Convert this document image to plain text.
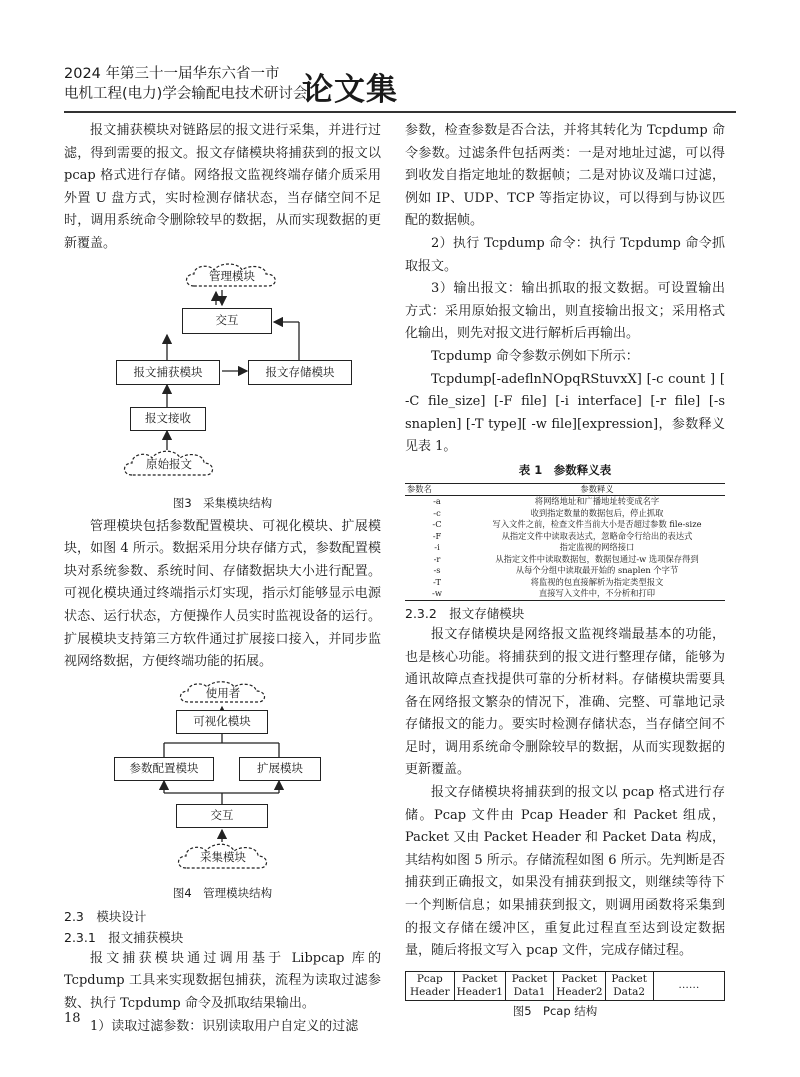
2024 年第三十一届华东六省一市
电机工程(电力)学会输配电技术研讨会
论文集

报文捕获模块对链路层的报文进行采集，并进行过滤，得到需要的报文。报文存储模块将捕获到的报文以 pcap 格式进行存储。网络报文监视终端存储介质采用外置 U 盘方式，实时检测存储状态，当存储空间不足时，调用系统命令删除较早的数据，从而实现数据的更新覆盖。

管理模块
交互
报文捕获模块	报文存储模块
报文接收
原始报文
图3　采集模块结构

管理模块包括参数配置模块、可视化模块、扩展模块，如图 4 所示。数据采用分块存储方式，参数配置模块对系统参数、系统时间、存储数据块大小进行配置。可视化模块通过终端指示灯实现，指示灯能够显示电源状态、运行状态，方便操作人员实时监视设备的运行。扩展模块支持第三方软件通过扩展接口接入，并同步监视网络数据，方便终端功能的拓展。

使用者
可视化模块
参数配置模块	扩展模块
交互
采集模块
图4　管理模块结构
2.3　模块设计
2.3.1　报文捕获模块

报文捕获模块通过调用基于 Libpcap 库的 Tcpdump 工具来实现数据包捕获，流程为读取过滤参数、执行 Tcpdump 命令及抓取结果输出。

1）读取过滤参数：识别读取用户自定义的过滤

参数，检查参数是否合法，并将其转化为 Tcpdump 命令参数。过滤条件包括两类：一是对地址过滤，可以得到收发自指定地址的数据帧；二是对协议及端口过滤，例如 IP、UDP、TCP 等指定协议，可以得到与协议匹配的数据帧。

2）执行 Tcpdump 命令：执行 Tcpdump 命令抓取报文。

3）输出报文：输出抓取的报文数据。可设置输出方式：采用原始报文输出，则直接输出报文；采用格式化输出，则先对报文进行解析后再输出。

Tcpdump 命令参数示例如下所示：

Tcpdump[-adeflnNOpqRStuvxX] [-c count ] [ -C file_size] [-F file] [-i interface] [-r file] [-s snaplen] [-T type][ -w file][expression]，参数释义见表 1。

表 1　参数释义表
参数名	参数释义
-a	将网络地址和广播地址转变成名字
-c	收到指定数量的数据包后，停止抓取
-C	写入文件之前，检查文件当前大小是否超过参数 file-size
-F	从指定文件中读取表达式，忽略命令行给出的表达式
-i	指定监视的网络接口
-r	从指定文件中读取数据包，数据包通过-w 选项保存得到
-s	从每个分组中读取最开始的 snaplen 个字节
-T	将监视的包直接解析为指定类型报文
-w	直接写入文件中，不分析和打印
2.3.2　报文存储模块

报文存储模块是网络报文监视终端最基本的功能，也是核心功能。将捕获到的报文进行整理存储，能够为通讯故障点查找提供可靠的分析材料。存储模块需要具备在网络报文繁杂的情况下，准确、完整、可靠地记录存储报文的能力。要实时检测存储状态，当存储空间不足时，调用系统命令删除较早的数据，从而实现数据的更新覆盖。

报文存储模块将捕获到的报文以 pcap 格式进行存储。Pcap 文件由 Pcap Header 和 Packet 组成，Packet 又由 Packet Header 和 Packet Data 构成，其结构如图 5 所示。存储流程如图 6 所示。先判断是否捕获到正确报文，如果没有捕获到报文，则继续等待下一个判断信息；如果捕获到报文，则调用函数将采集到的报文存储在缓冲区，重复此过程直至达到设定数据量，随后将报文写入 pcap 文件，完成存储过程。

Pcap
Header	Packet
Header1	Packet
Data1	Packet
Header2	Packet
Data2	……
图5　Pcap 结构
18
